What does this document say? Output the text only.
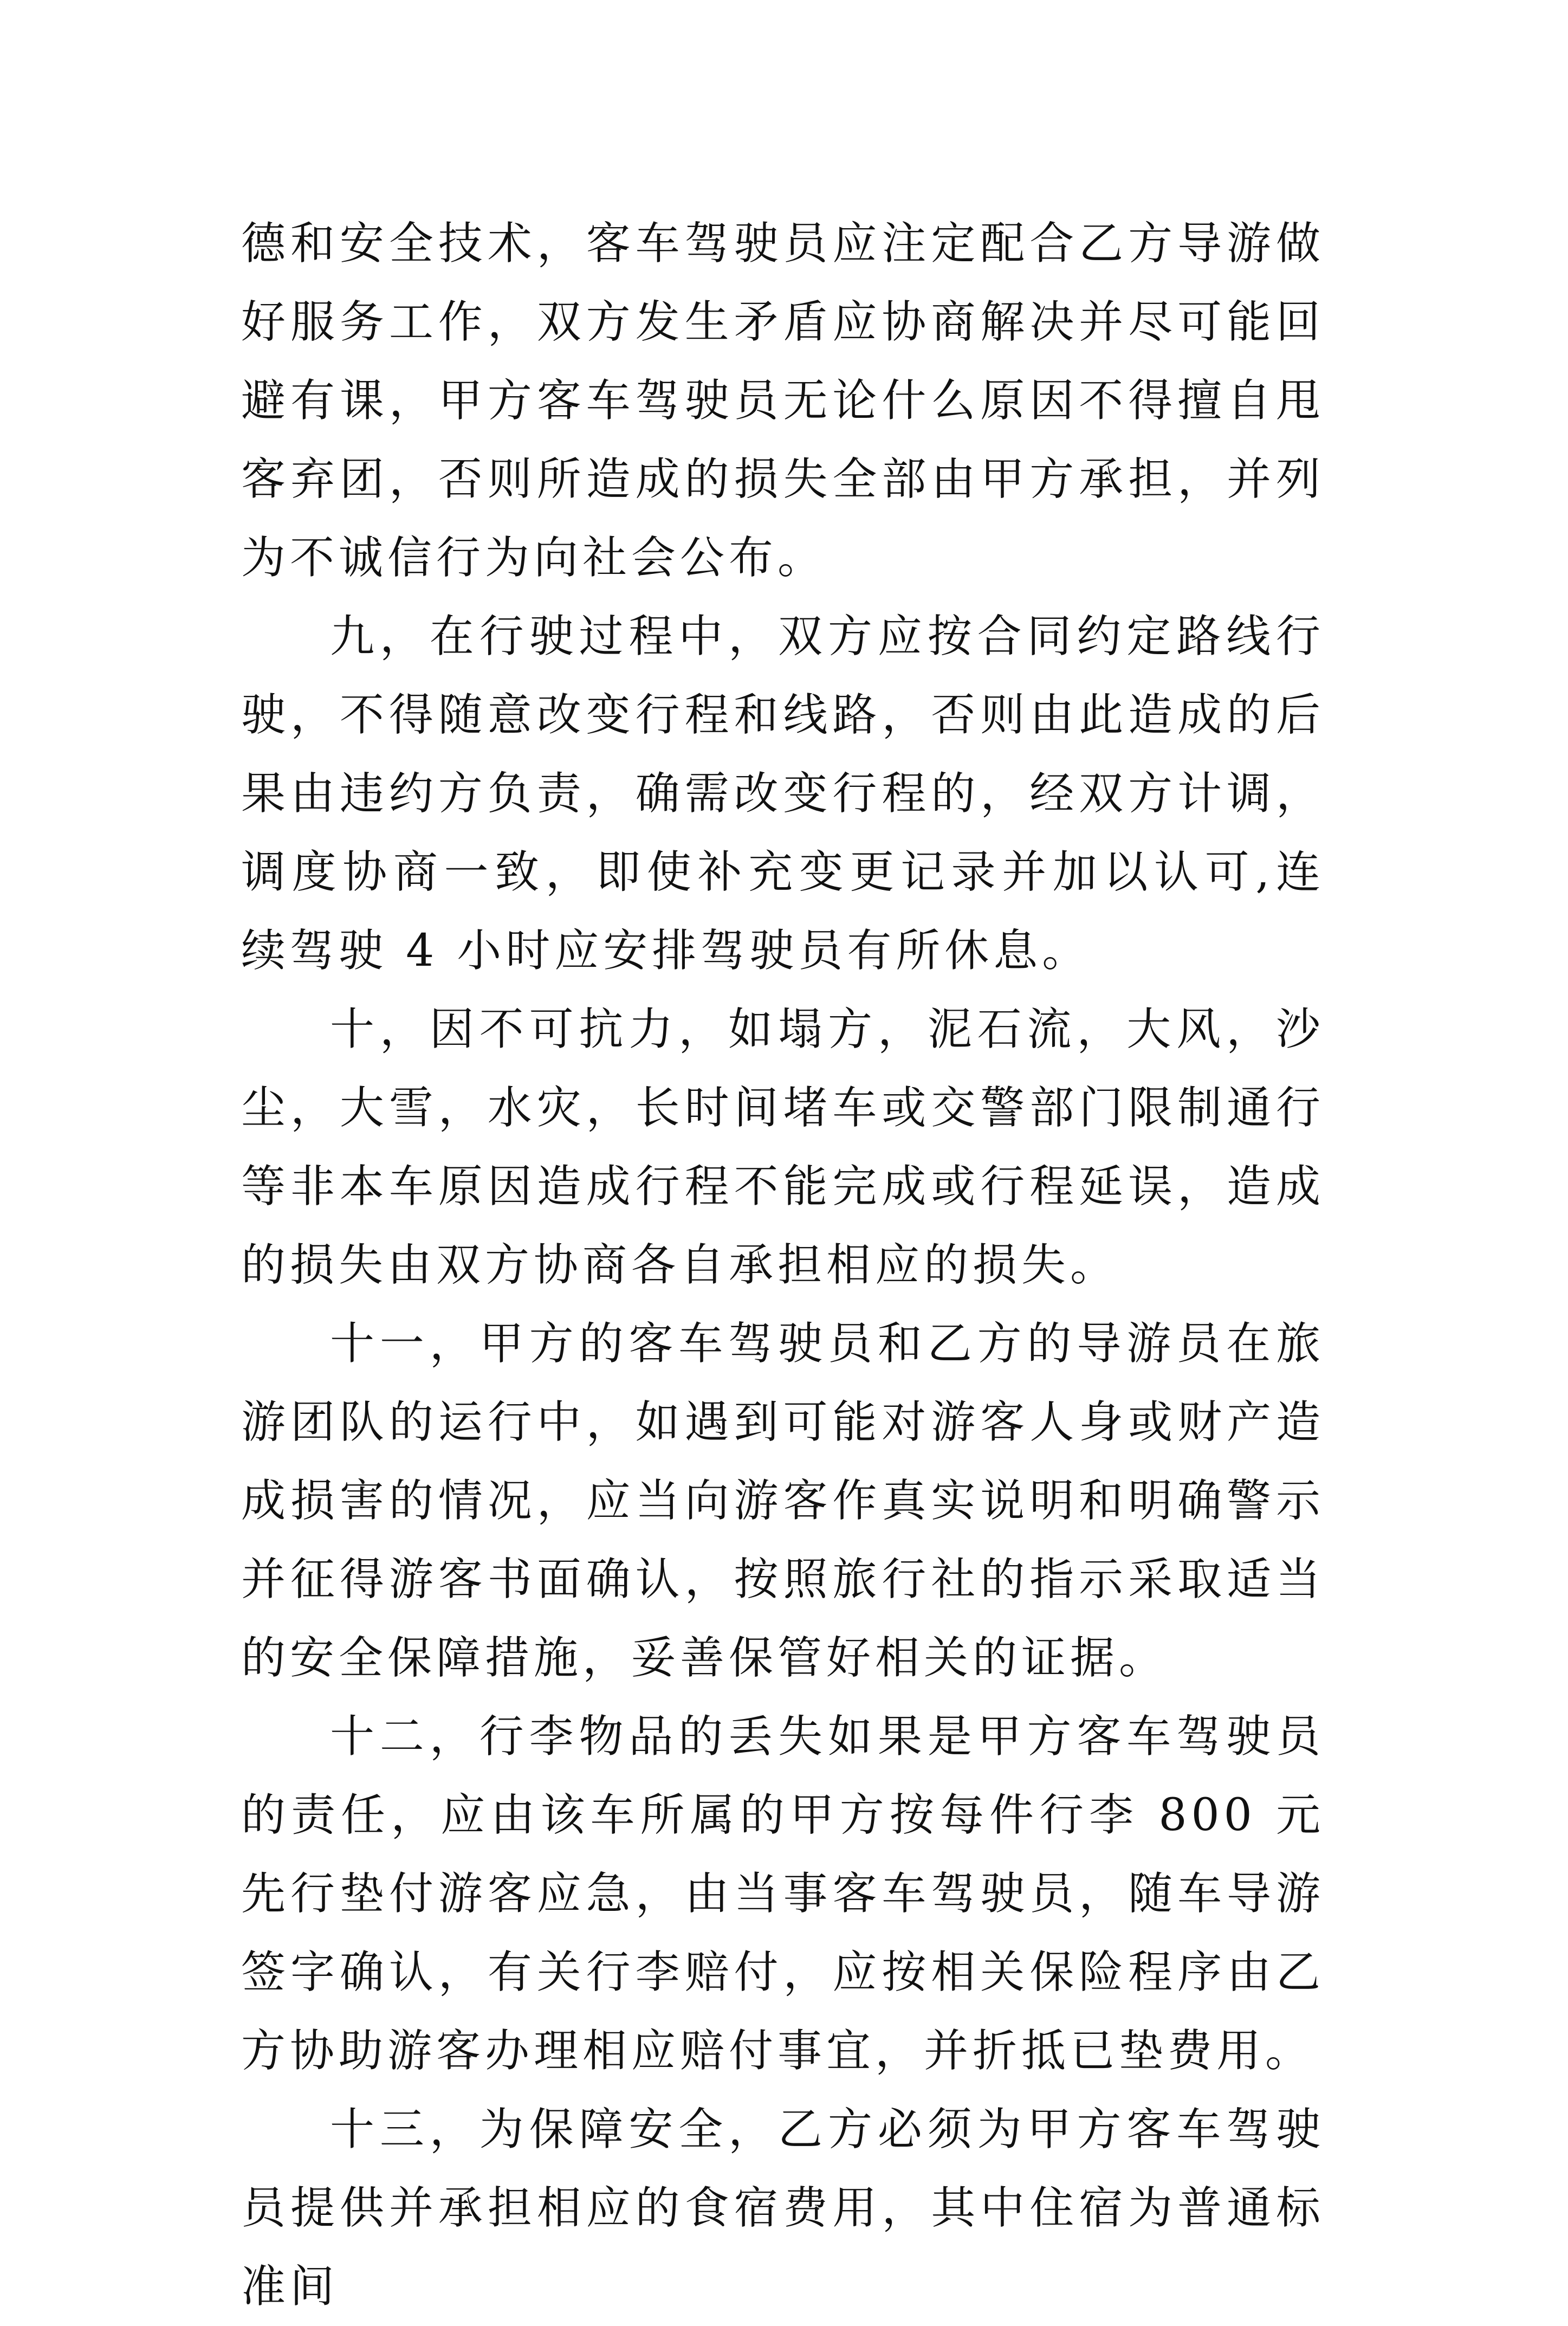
德和安全技术，客车驾驶员应注定配合乙方导游做好服务工作，双方发生矛盾应协商解决并尽可能回避有课，甲方客车驾驶员无论什么原因不得擅自甩客弃团，否则所造成的损失全部由甲方承担，并列为不诚信行为向社会公布。

九，在行驶过程中，双方应按合同约定路线行驶，不得随意改变行程和线路，否则由此造成的后果由违约方负责，确需改变行程的，经双方计调，调度协商一致，即使补充变更记录并加以认可,连续驾驶 4 小时应安排驾驶员有所休息。

十，因不可抗力，如塌方，泥石流，大风，沙尘，大雪，水灾，长时间堵车或交警部门限制通行等非本车原因造成行程不能完成或行程延误，造成的损失由双方协商各自承担相应的损失。

十一，甲方的客车驾驶员和乙方的导游员在旅游团队的运行中，如遇到可能对游客人身或财产造成损害的情况，应当向游客作真实说明和明确警示并征得游客书面确认，按照旅行社的指示采取适当的安全保障措施，妥善保管好相关的证据。

十二，行李物品的丢失如果是甲方客车驾驶员的责任，应由该车所属的甲方按每件行李 800 元先行垫付游客应急，由当事客车驾驶员，随车导游签字确认，有关行李赔付，应按相关保险程序由乙方协助游客办理相应赔付事宜，并折抵已垫费用。

十三，为保障安全，乙方必须为甲方客车驾驶员提供并承担相应的食宿费用，其中住宿为普通标准间
